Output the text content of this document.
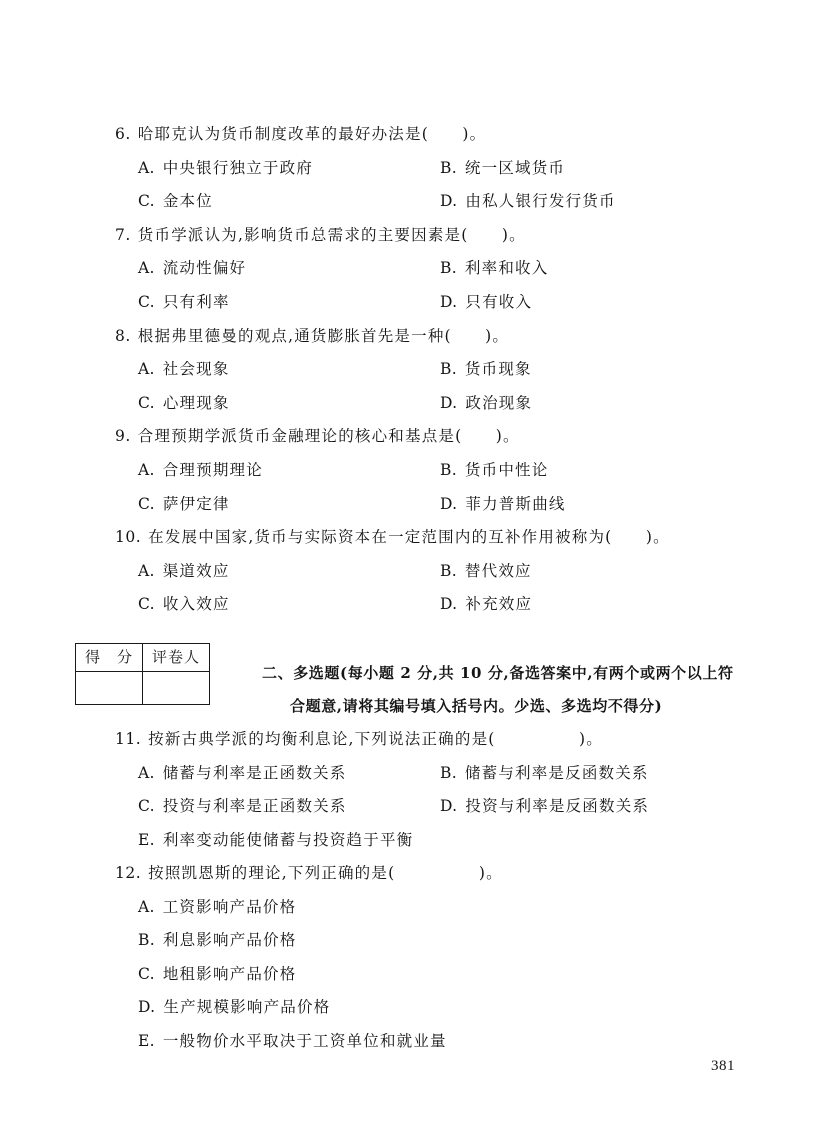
6. 哈耶克认为货币制度改革的最好办法是(　　)。
A. 中央银行独立于政府	B. 统一区域货币
C. 金本位	D. 由私人银行发行货币
7. 货币学派认为,影响货币总需求的主要因素是(　　)。
A. 流动性偏好	B. 利率和收入
C. 只有利率	D. 只有收入
8. 根据弗里德曼的观点,通货膨胀首先是一种(　　)。
A. 社会现象	B. 货币现象
C. 心理现象	D. 政治现象
9. 合理预期学派货币金融理论的核心和基点是(　　)。
A. 合理预期理论	B. 货币中性论
C. 萨伊定律	D. 菲力普斯曲线
10. 在发展中国家,货币与实际资本在一定范围内的互补作用被称为(　　)。
A. 渠道效应	B. 替代效应
C. 收入效应	D. 补充效应
得　分	评卷人

二、多选题(每小题 2 分,共 10 分,备选答案中,有两个或两个以上符
合题意,请将其编号填入括号内。少选、多选均不得分)
11. 按新古典学派的均衡利息论,下列说法正确的是(　　　　　)。
A. 储蓄与利率是正函数关系	B. 储蓄与利率是反函数关系
C. 投资与利率是正函数关系	D. 投资与利率是反函数关系
E. 利率变动能使储蓄与投资趋于平衡
12. 按照凯恩斯的理论,下列正确的是(　　　　　)。
A. 工资影响产品价格
B. 利息影响产品价格
C. 地租影响产品价格
D. 生产规模影响产品价格
E. 一般物价水平取决于工资单位和就业量
381
